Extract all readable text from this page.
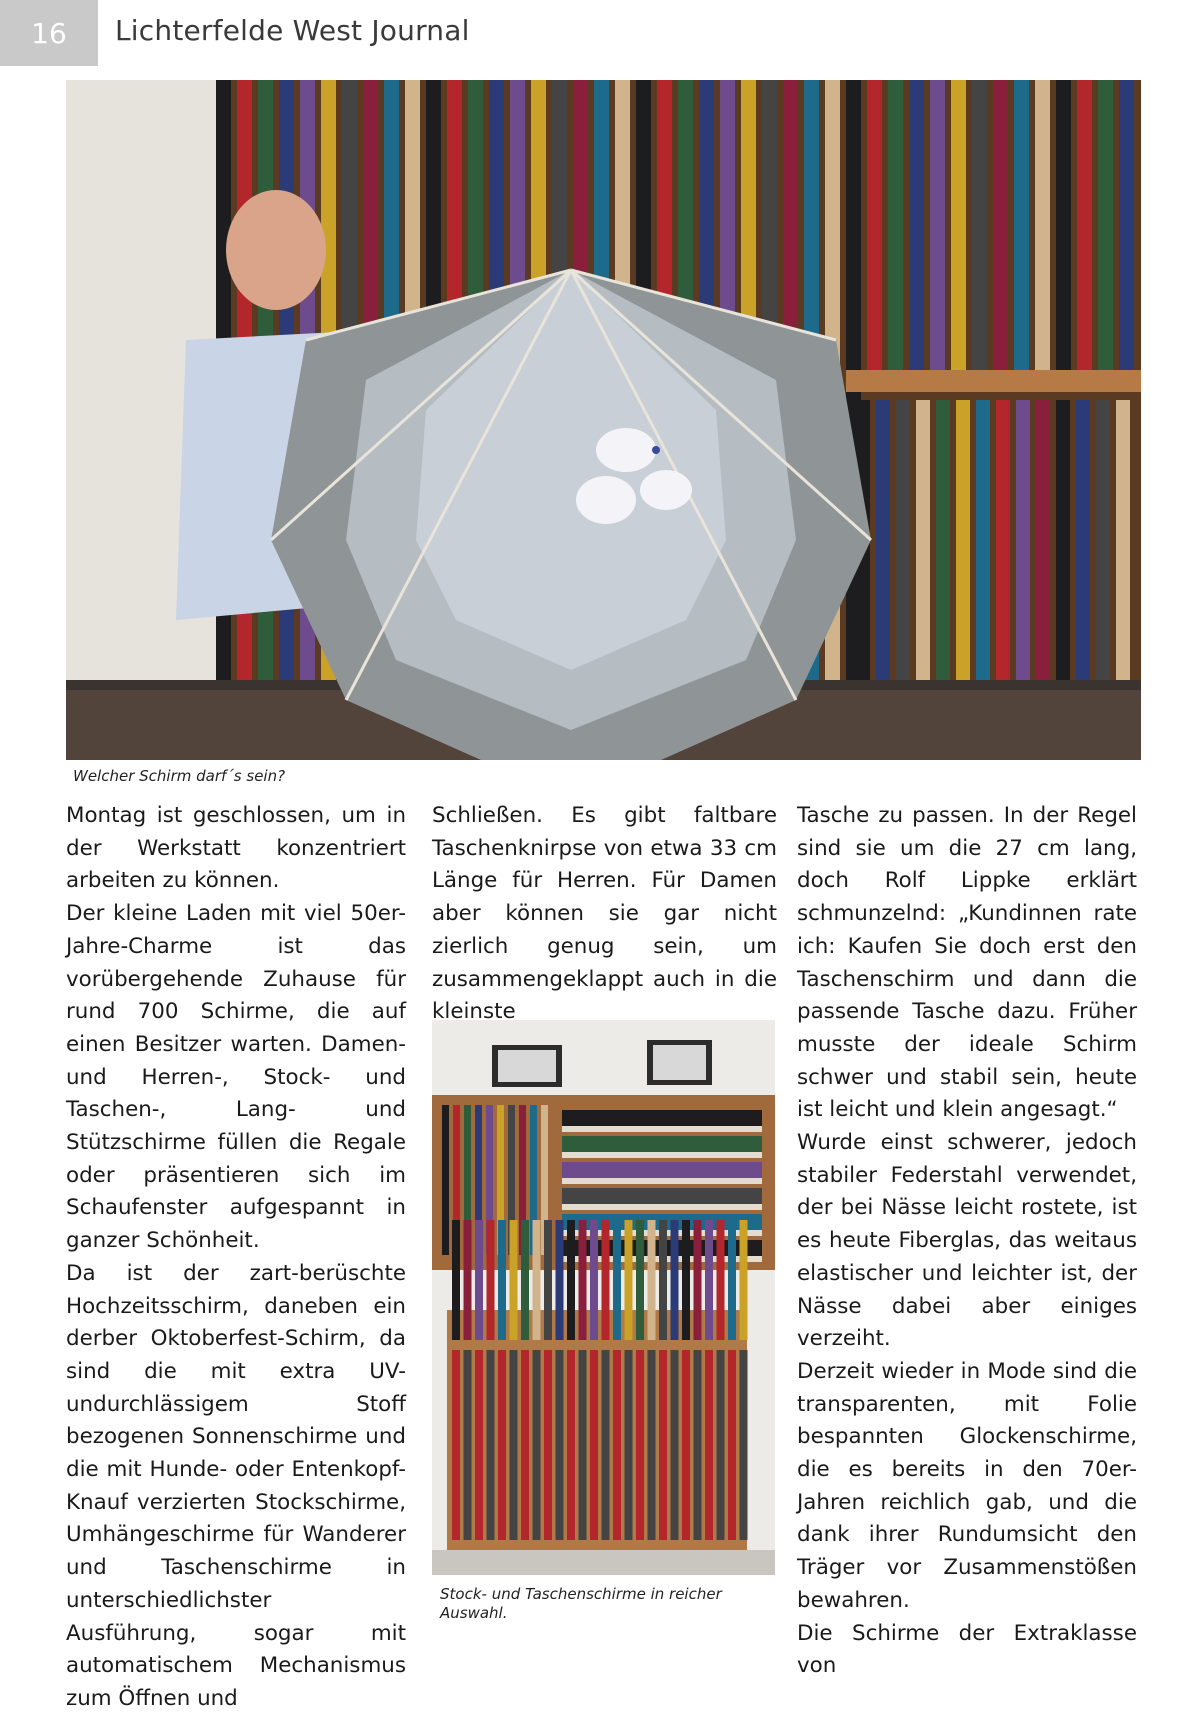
16	Lichterfelde West Journal
Welcher Schirm darf´s sein?
Stock- und Taschenschirme in reicher Auswahl.

Montag ist geschlossen, um in der Werkstatt konzentriert arbeiten zu können.

Der kleine Laden mit viel 50er-Jahre-Charme ist das vorübergehende Zuhause für rund 700 Schirme, die auf einen Besitzer warten. Damen- und Herren-, Stock- und Taschen-, Lang- und Stützschirme füllen die Regale oder präsentieren sich im Schaufenster aufgespannt in ganzer Schönheit.

Da ist der zart-berüschte Hochzeitsschirm, daneben ein derber Oktoberfest-Schirm, da sind die mit extra UV-undurchlässigem Stoff bezogenen Sonnenschirme und die mit Hunde- oder Entenkopf-Knauf verzierten Stockschirme, Umhängeschirme für Wanderer und Taschenschirme in unterschiedlichster Ausführung, sogar mit automatischem Mechanismus zum Öffnen und

Schließen. Es gibt faltbare Taschenknirpse von etwa 33 cm Länge für Herren. Für Damen aber können sie gar nicht zierlich genug sein, um zusammengeklappt auch in die kleinste

Tasche zu passen. In der Regel sind sie um die 27 cm lang, doch Rolf Lippke erklärt schmunzelnd: „Kundinnen rate ich: Kaufen Sie doch erst den Taschenschirm und dann die passende Tasche dazu. Früher musste der ideale Schirm schwer und stabil sein, heute ist leicht und klein angesagt.“

Wurde einst schwerer, jedoch stabiler Federstahl verwendet, der bei Nässe leicht rostete, ist es heute Fiberglas, das weitaus elastischer und leichter ist, der Nässe dabei aber einiges verzeiht.

Derzeit wieder in Mode sind die transparenten, mit Folie bespannten Glockenschirme, die es bereits in den 70er-Jahren reichlich gab, und die dank ihrer Rundumsicht den Träger vor Zusammenstößen bewahren.

Die Schirme der Extraklasse von
